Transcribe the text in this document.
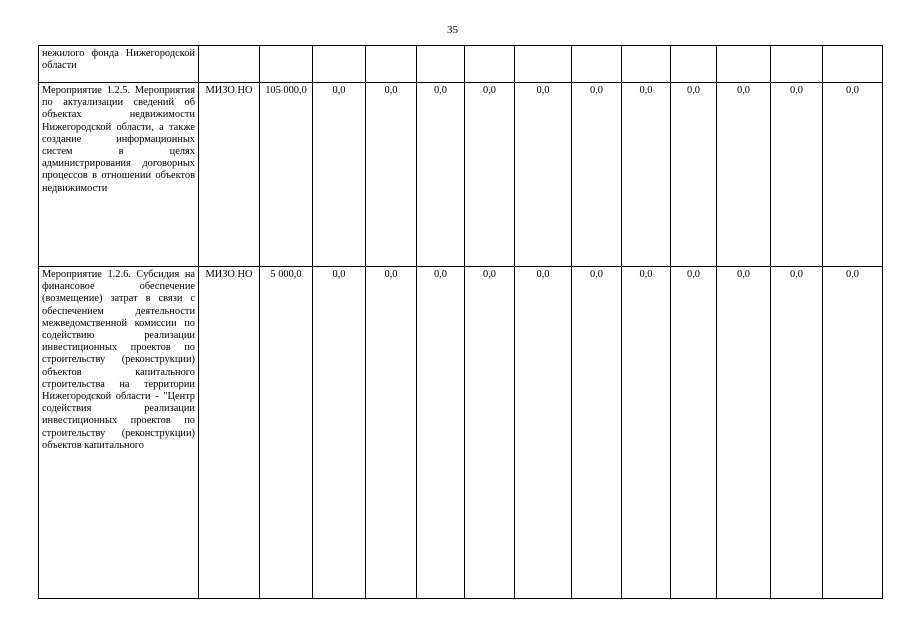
35
нежилого фонда Нижегородской области													
Мероприятие 1.2.5. Мероприятия по актуализации сведений об объектах недвижимости Нижегородской области, а также создание информационных систем в целях администрирования договорных процессов в отношении объектов недвижимости	МИЗО НО	105 000,0	0,0	0,0	0,0	0,0	0,0	0,0	0,0	0,0	0,0	0,0	0,0
Мероприятие 1.2.6. Субсидия на финансовое обеспечение (возмещение) затрат в связи с обеспечением деятельности межведомственной комиссии по содействию реализации инвестиционных проектов по строительству (реконструкции) объектов капитального строительства на территории Нижегородской области - "Центр содействия реализации инвестиционных проектов по строительству (реконструкции) объектов капитального	МИЗО НО	5 000,0	0,0	0,0	0,0	0,0	0,0	0,0	0,0	0,0	0,0	0,0	0,0
